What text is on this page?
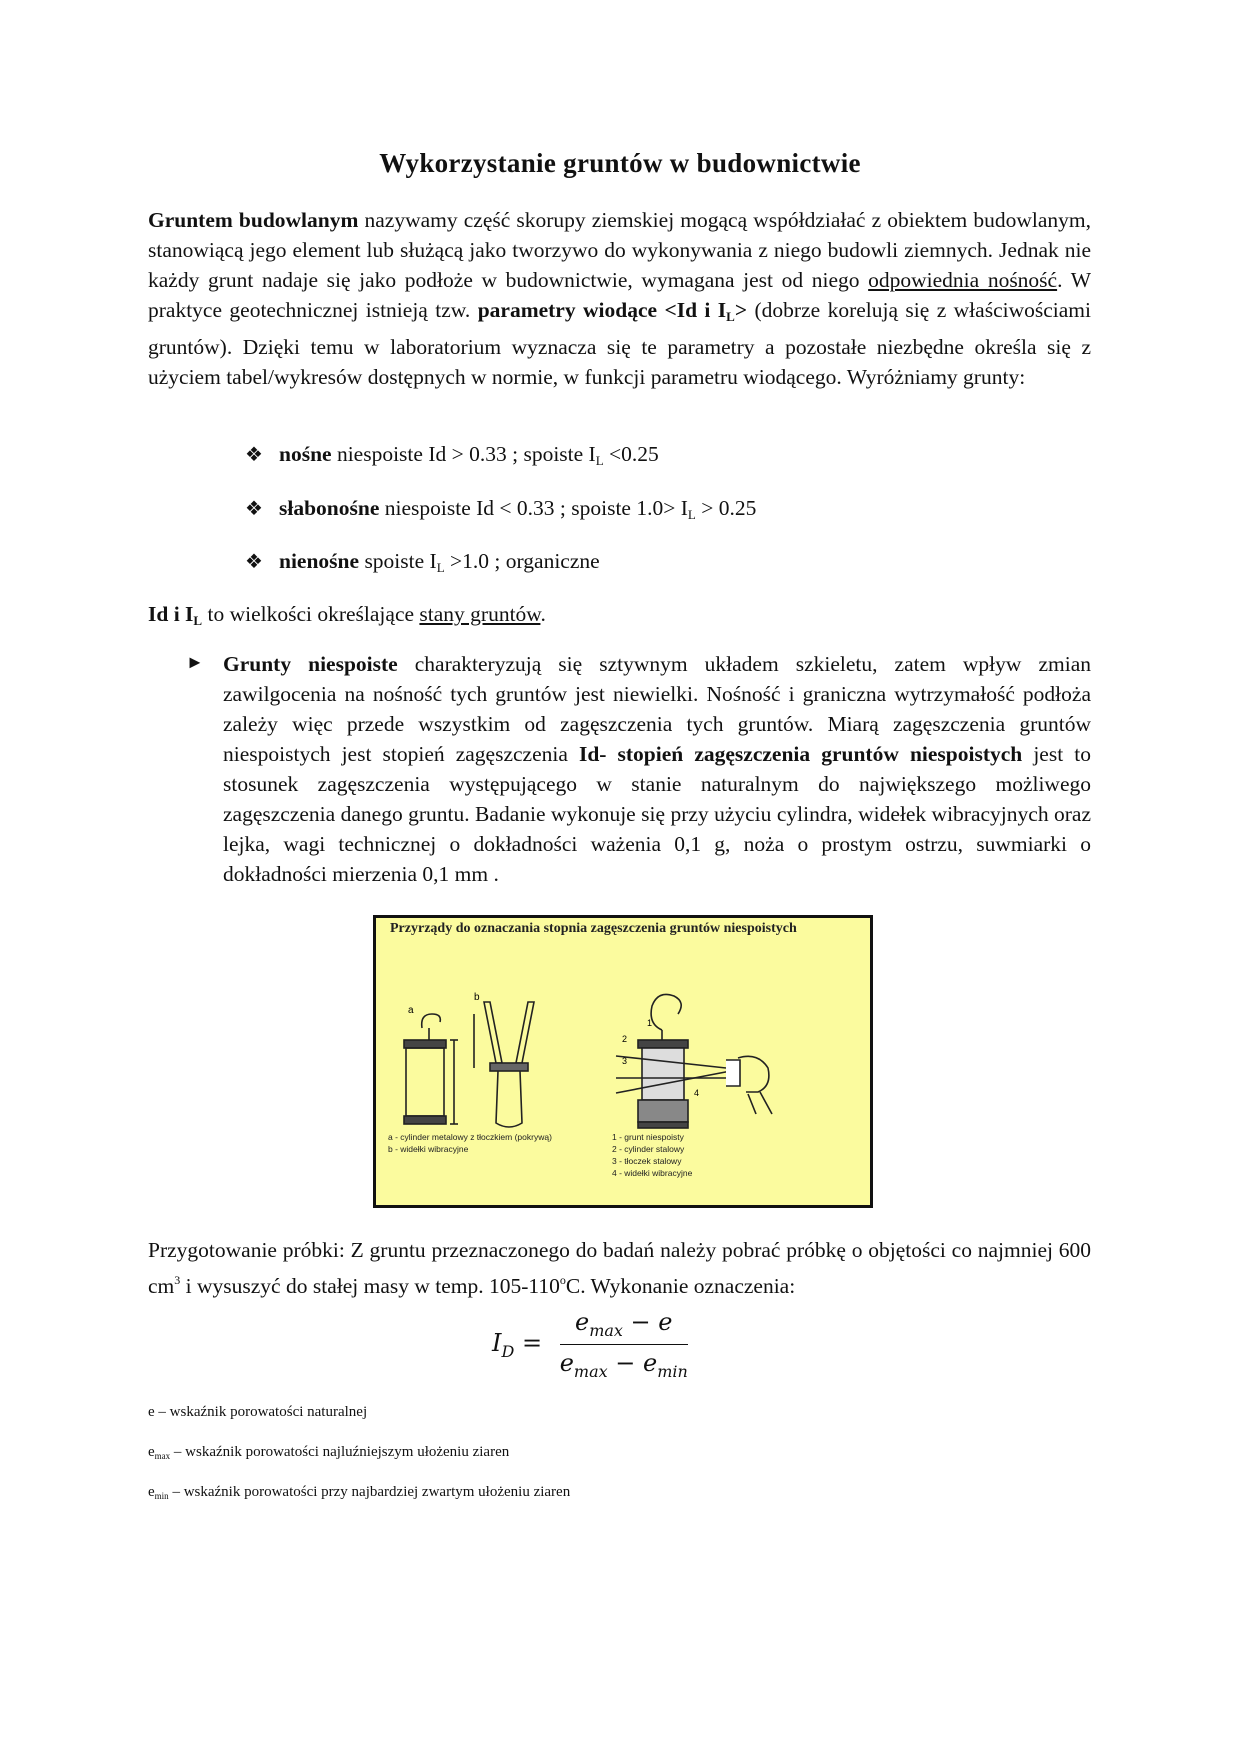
Wykorzystanie gruntów w budownictwie
Gruntem budowlanym nazywamy część skorupy ziemskiej mogącą współdziałać z obiektem budowlanym, stanowiącą jego element lub służącą jako tworzywo do wykonywania z niego budowli ziemnych. Jednak nie każdy grunt nadaje się jako podłoże w budownictwie, wymagana jest od niego odpowiednia nośność. W praktyce geotechnicznej istnieją tzw. parametry wiodące <Id i $I_L>$ (dobrze korelują się z właściwościami gruntów). Dzięki temu w laboratorium wyznacza się te parametry a pozostałe niezbędne określa się z użyciem tabel/wykresów dostępnych w normie, w funkcji parametru wiodącego. Wyróżniamy grunty:
❖ nośne niespoiste Id > 0.33 ; spoiste $I_L <0.25$
❖ słabonośne niespoiste Id < 0.33 ; spoiste $1.0> I_L > 0.25$
❖ nienośne spoiste $I_L >1.0$ ; organiczne
Id i $I_L$ to wielkości określające stany gruntów.
► Grunty niespoiste charakteryzują się sztywnym układem szkieletu, zatem wpływ zmian zawilgocenia na nośność tych gruntów jest niewielki. Nośność i graniczna wytrzymałość podłoża zależy więc przede wszystkim od zagęszczenia tych gruntów. Miarą zagęszczenia gruntów niespoistych jest stopień zagęszczenia Id- stopień zagęszczenia gruntów niespoistych jest to stosunek zagęszczenia występującego w stanie naturalnym do największego możliwego zagęszczenia danego gruntu. Badanie wykonuje się przy użyciu cylindra, widełek wibracyjnych oraz lejka, wagi technicznej o dokładności ważenia 0,1 g, noża o prostym ostrzu, suwmiarki o dokładności mierzenia 0,1 mm .
Przyrządy do oznaczania stopnia zagęszczenia gruntów niespoistych
a
b
1
2
3
4
a - cylinder metalowy z tłoczkiem (pokrywą)
b - widełki wibracyjne
1 - grunt niespoisty
2 - cylinder stalowy
3 - tłoczek stalowy
4 - widełki wibracyjne
Przygotowanie próbki: Z gruntu przeznaczonego do badań należy pobrać próbkę o objętości co najmniej 600 $cm^3$ i wysuszyć do stałej masy w temp. 105-110$^o$C. Wykonanie oznaczenia:
$I_D = \frac{e_{max} - e}{e_{max} - e_{min}}$
e – wskaźnik porowatości naturalnej
$e_{max}$ – wskaźnik porowatości najluźniejszym ułożeniu ziaren
$e_{min}$ – wskaźnik porowatości przy najbardziej zwartym ułożeniu ziaren
